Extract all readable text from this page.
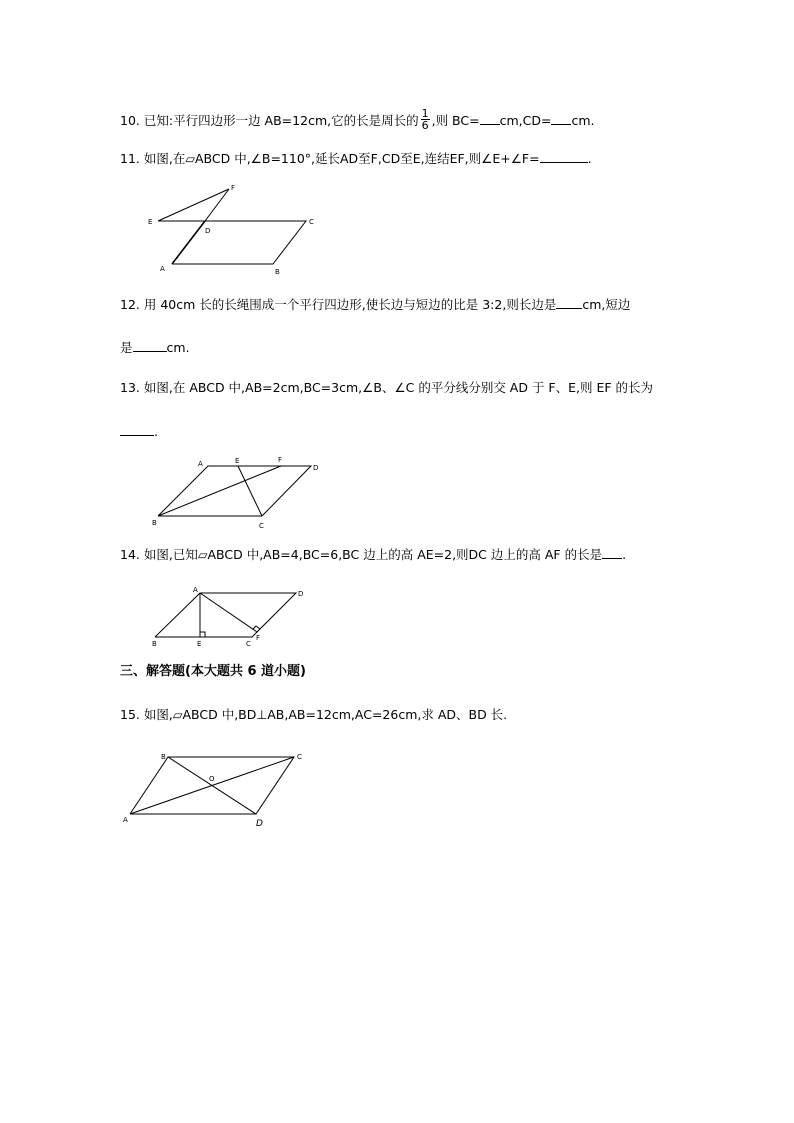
10. 已知:平行四边形一边 AB=12cm,它的长是周长的 $\frac{1}{6}$ ,则 BC= cm,CD= cm.
11. 如图,在▱ABCD 中,∠B=110°,延长AD至F,CD至E,连结EF,则∠E+∠F=	.
F
E	C
D
A	B
A	E	F
D
B	C
A	D
B	E	C
F
B	C
O
A	D
12. 用 40cm 长的长绳围成一个平行四边形,使长边与短边的比是 3:2,则长边是 cm,短边
是	cm.
13. 如图,在 ABCD 中,AB=2cm,BC=3cm,∠B、∠C 的平分线分别交 AD 于 F、E,则 EF 的长为
.
14. 如图,已知▱ABCD 中,AB=4,BC=6,BC 边上的高 AE=2,则DC 边上的高 AF 的长是 .
三、解答题(本大题共 6 道小题)
15. 如图,▱ABCD 中,BD⊥AB,AB=12cm,AC=26cm,求 AD、BD 长.
